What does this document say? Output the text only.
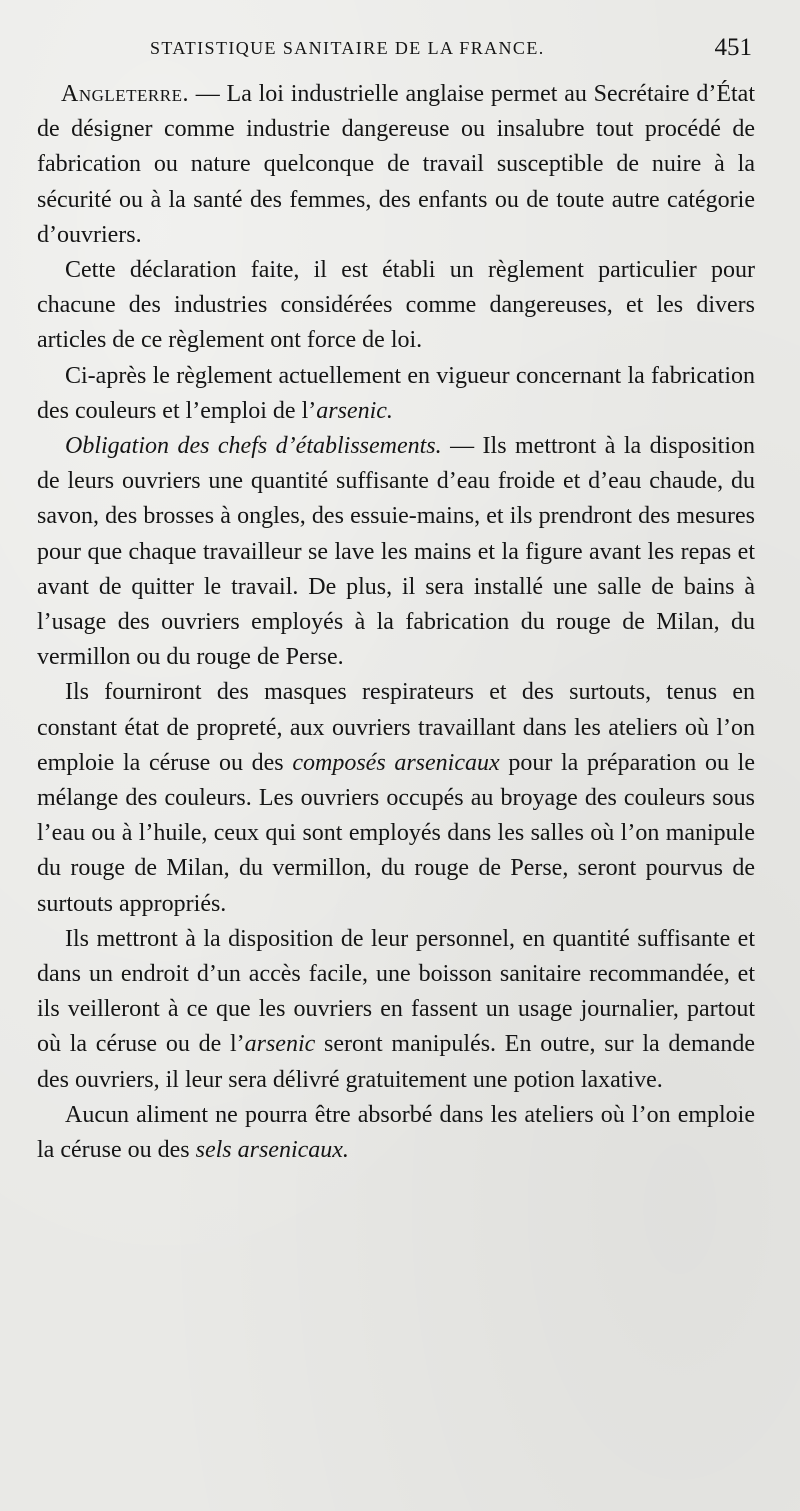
STATISTIQUE SANITAIRE DE LA FRANCE.	451

Angleterre. — La loi industrielle anglaise permet au Secrétaire d’État de désigner comme industrie dangereuse ou insalubre tout procédé de fabrication ou nature quelconque de travail susceptible de nuire à la sécurité ou à la santé des femmes, des enfants ou de toute autre catégorie d’ouvriers.

Cette déclaration faite, il est établi un règlement particulier pour chacune des industries considérées comme dangereuses, et les divers articles de ce règlement ont force de loi.

Ci-après le règlement actuellement en vigueur concernant la fabrication des couleurs et l’emploi de l’arsenic.

Obligation des chefs d’établissements. — Ils mettront à la disposition de leurs ouvriers une quantité suffisante d’eau froide et d’eau chaude, du savon, des brosses à ongles, des essuie-mains, et ils prendront des mesures pour que chaque travailleur se lave les mains et la figure avant les repas et avant de quitter le travail. De plus, il sera installé une salle de bains à l’usage des ouvriers employés à la fabrication du rouge de Milan, du vermillon ou du rouge de Perse.

Ils fourniront des masques respirateurs et des surtouts, tenus en constant état de propreté, aux ouvriers travaillant dans les ateliers où l’on emploie la céruse ou des composés arsenicaux pour la préparation ou le mélange des couleurs. Les ouvriers occupés au broyage des couleurs sous l’eau ou à l’huile, ceux qui sont employés dans les salles où l’on manipule du rouge de Milan, du vermillon, du rouge de Perse, seront pourvus de surtouts appropriés.

Ils mettront à la disposition de leur personnel, en quantité suffisante et dans un endroit d’un accès facile, une boisson sanitaire recommandée, et ils veilleront à ce que les ouvriers en fassent un usage journalier, partout où la céruse ou de l’arsenic seront manipulés. En outre, sur la demande des ouvriers, il leur sera délivré gratuitement une potion laxative.

Aucun aliment ne pourra être absorbé dans les ateliers où l’on emploie la céruse ou des sels arsenicaux.
